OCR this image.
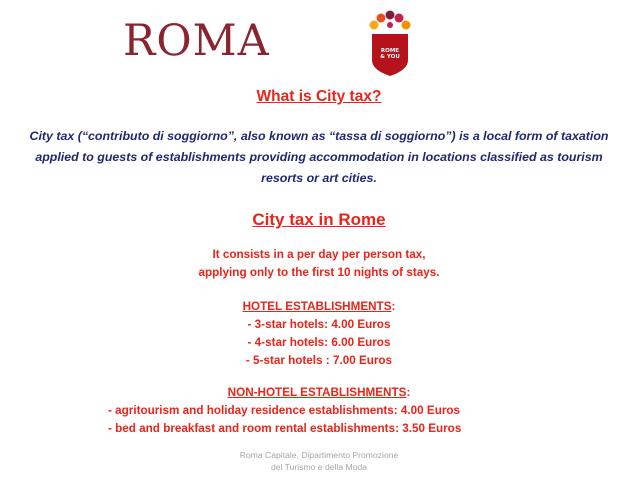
ROMA	ROME
& YOU
What is City tax?
City tax (“contributo di soggiorno”, also known as “tassa di soggiorno”) is a local form of taxation applied to guests of establishments providing accommodation in locations classified as tourism resorts or art cities.
City tax in Rome
It consists in a per day per person tax,
applying only to the first 10 nights of stays.
HOTEL ESTABLISHMENTS:
- 3-star hotels: 4.00 Euros
- 4-star hotels: 6.00 Euros
- 5-star hotels : 7.00 Euros
NON-HOTEL ESTABLISHMENTS:
- agritourism and holiday residence establishments: 4.00 Euros
- bed and breakfast and room rental establishments: 3.50 Euros
Roma Capitale, Dipartimento Promozione
del Turismo e della Moda
